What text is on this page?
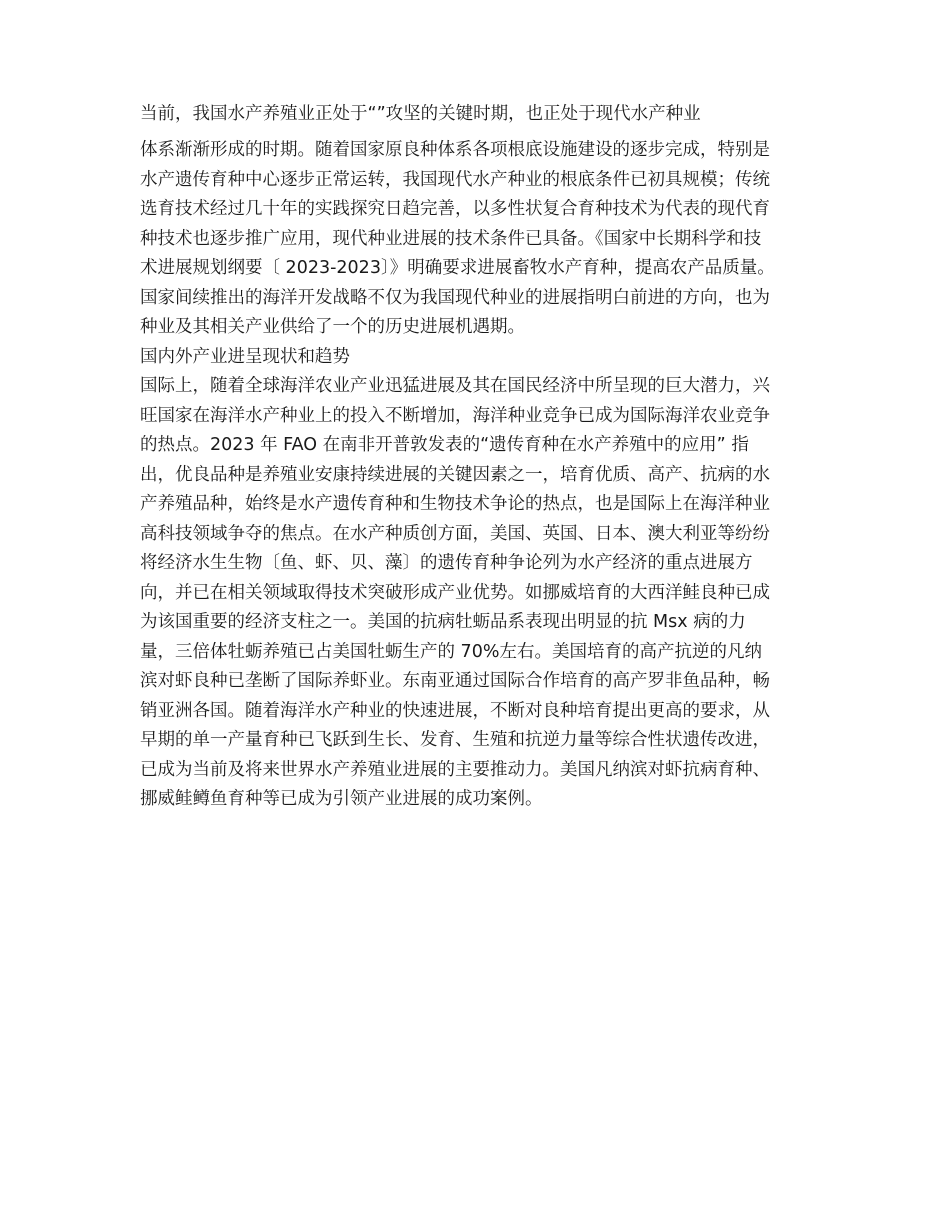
当前，我国水产养殖业正处于“”攻坚的关键时期，也正处于现代水产种业
体系渐渐形成的时期。随着国家原良种体系各项根底设施建设的逐步完成，特别是
水产遗传育种中心逐步正常运转，我国现代水产种业的根底条件已初具规模；传统
选育技术经过几十年的实践探究日趋完善，以多性状复合育种技术为代表的现代育
种技术也逐步推广应用，现代种业进展的技术条件已具备。《国家中长期科学和技
术进展规划纲要〔 2023-2023〕》明确要求进展畜牧水产育种，提高农产品质量。
国家间续推出的海洋开发战略不仅为我国现代种业的进展指明白前进的方向，也为
种业及其相关产业供给了一个的历史进展机遇期。
国内外产业进呈现状和趋势
国际上，随着全球海洋农业产业迅猛进展及其在国民经济中所呈现的巨大潜力，兴
旺国家在海洋水产种业上的投入不断增加，海洋种业竞争已成为国际海洋农业竞争
的热点。2023 年 FAO 在南非开普敦发表的“遗传育种在水产养殖中的应用” 指
出，优良品种是养殖业安康持续进展的关键因素之一，培育优质、高产、抗病的水
产养殖品种，始终是水产遗传育种和生物技术争论的热点，也是国际上在海洋种业
高科技领域争夺的焦点。在水产种质创方面，美国、英国、日本、澳大利亚等纷纷
将经济水生生物〔鱼、虾、贝、藻〕的遗传育种争论列为水产经济的重点进展方
向，并已在相关领域取得技术突破形成产业优势。如挪威培育的大西洋鲑良种已成
为该国重要的经济支柱之一。美国的抗病牡蛎品系表现出明显的抗 Msx 病的力
量，三倍体牡蛎养殖已占美国牡蛎生产的 70%左右。美国培育的高产抗逆的凡纳
滨对虾良种已垄断了国际养虾业。东南亚通过国际合作培育的高产罗非鱼品种，畅
销亚洲各国。随着海洋水产种业的快速进展，不断对良种培育提出更高的要求，从
早期的单一产量育种已飞跃到生长、发育、生殖和抗逆力量等综合性状遗传改进，
已成为当前及将来世界水产养殖业进展的主要推动力。美国凡纳滨对虾抗病育种、
挪威鲑鳟鱼育种等已成为引领产业进展的成功案例。
